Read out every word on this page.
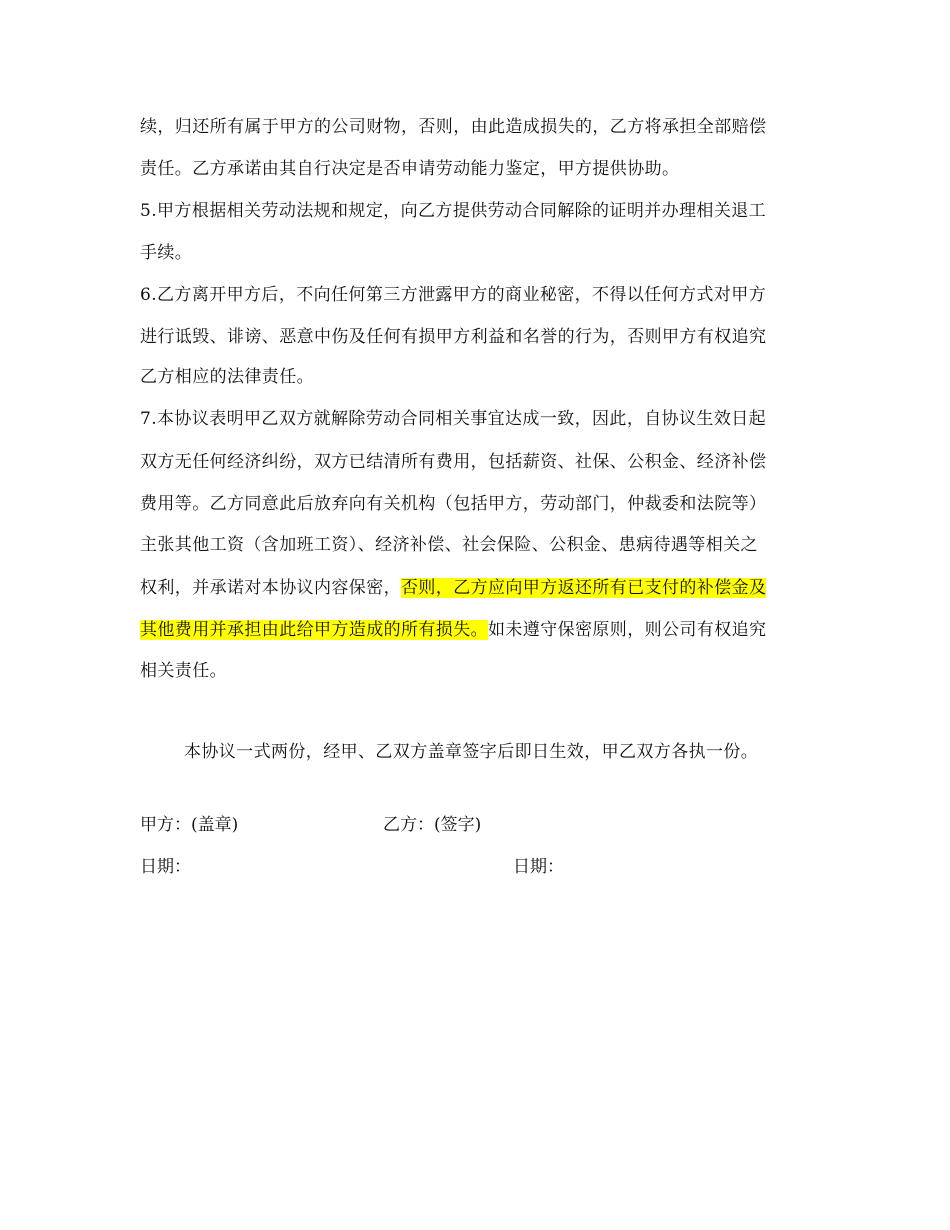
续，归还所有属于甲方的公司财物，否则，由此造成损失的，乙方将承担全部赔偿
责任。乙方承诺由其自行决定是否申请劳动能力鉴定，甲方提供协助。
5.甲方根据相关劳动法规和规定，向乙方提供劳动合同解除的证明并办理相关退工
手续。
6.乙方离开甲方后，不向任何第三方泄露甲方的商业秘密，不得以任何方式对甲方
进行诋毁、诽谤、恶意中伤及任何有损甲方利益和名誉的行为，否则甲方有权追究
乙方相应的法律责任。
7.本协议表明甲乙双方就解除劳动合同相关事宜达成一致，因此，自协议生效日起
双方无任何经济纠纷，双方已结清所有费用，包括薪资、社保、公积金、经济补偿
费用等。乙方同意此后放弃向有关机构（包括甲方，劳动部门，仲裁委和法院等）
主张其他工资（含加班工资）、经济补偿、社会保险、公积金、患病待遇等相关之
权利，并承诺对本协议内容保密，否则，乙方应向甲方返还所有已支付的补偿金及
其他费用并承担由此给甲方造成的所有损失。如未遵守保密原则，则公司有权追究
相关责任。
本协议一式两份，经甲、乙双方盖章签字后即日生效，甲乙双方各执一份。
甲方：(盖章)	乙方：(签字)
日期：	日期：
